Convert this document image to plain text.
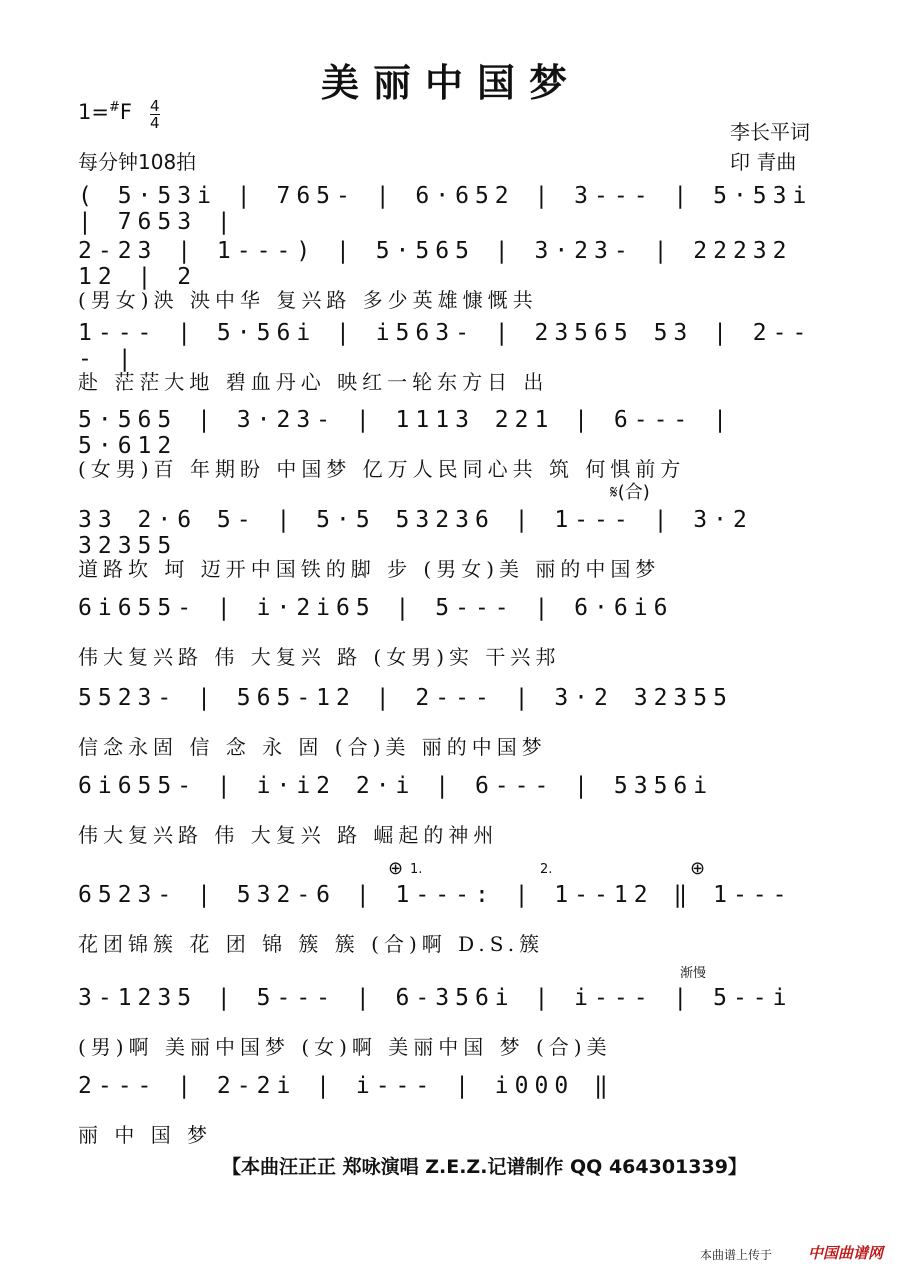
美丽中国梦
1=#F 4
4
每分钟108拍
李长平词
印 青曲
( 5·53i | 765- | 6·652 | 3--- | 5·53i | 7653 |
2-23 | 1---) | 5·565 | 3·23- | 22232 12 | 2
(男女)泱 泱中华 复兴路 多少英雄慷慨共
1--- | 5·56i | i563- | 23565 53 | 2--- |
赴 茫茫大地 碧血丹心 映红一轮东方日 出
5·565 | 3·23- | 1113 221 | 6--- | 5·612
(女男)百 年期盼 中国梦 亿万人民同心共 筑 何惧前方
33 2·6 5- | 5·5 53236 | 1--- | 3·2 32355
道路坎 坷 迈开中国铁的脚 步 (男女)美 丽的中国梦
6i655- | i·2i65 | 5--- | 6·6i6
伟大复兴路 伟 大复兴 路 (女男)实 干兴邦
5523- | 565-12 | 2--- | 3·2 32355
信念永固 信 念 永 固 (合)美 丽的中国梦
6i655- | i·i2 2·i | 6--- | 5356i
伟大复兴路 伟 大复兴 路 崛起的神州
6523- | 532-6 | 1---: | 1--12 ‖ 1---
花团锦簇 花 团 锦 簇 簇 (合)啊 D.S.簇
3-1235 | 5--- | 6-356i | i--- | 5--i
(男)啊 美丽中国梦 (女)啊 美丽中国 梦 (合)美
2--- | 2-2i | i--- | i000 ‖
丽 中 国 梦
𝄋(合)
1.	2.
⊕	⊕
渐慢
【本曲汪正正 郑咏演唱 Z.E.Z.记谱制作 QQ 464301339】
本曲谱上传于 中国曲谱网
